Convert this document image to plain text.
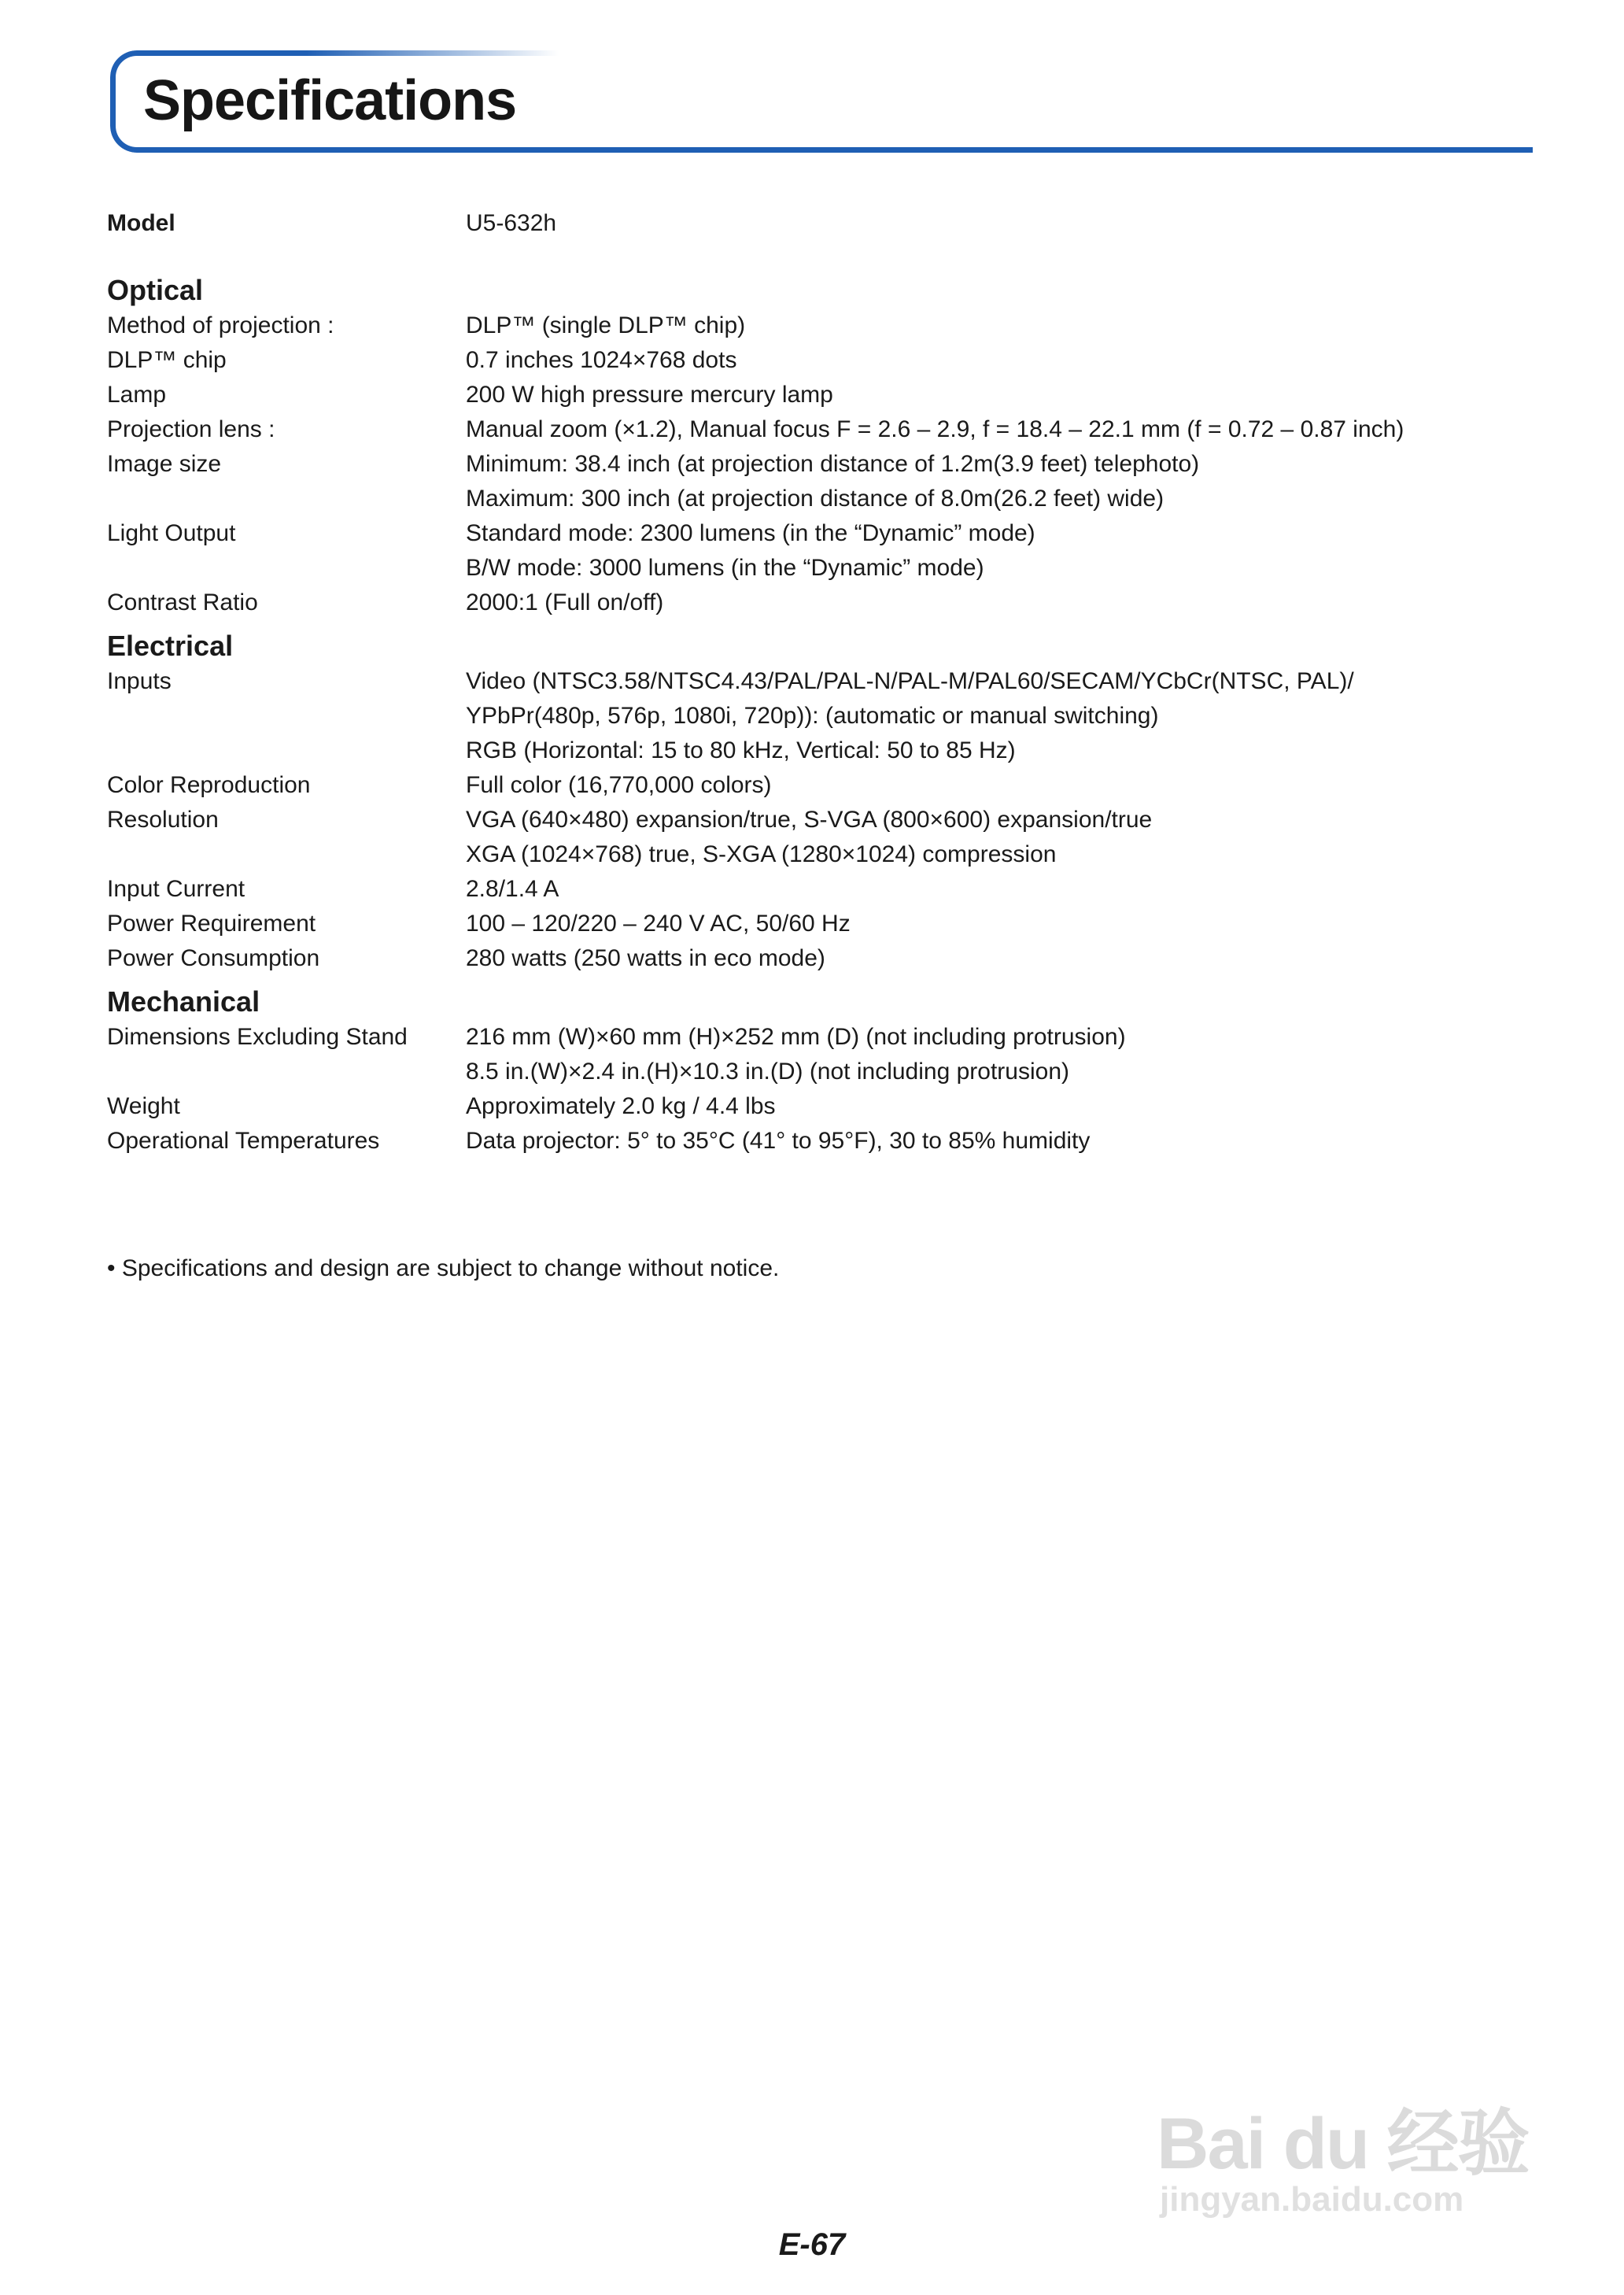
Specifications
Model	U5-632h
Optical
Method of projection :	DLP™ (single DLP™ chip)
DLP™ chip	0.7 inches 1024×768 dots
Lamp	200 W high pressure mercury lamp
Projection lens :	Manual zoom (×1.2), Manual focus F = 2.6 – 2.9, f = 18.4 – 22.1 mm (f = 0.72 – 0.87 inch)
Image size	Minimum: 38.4 inch (at projection distance of 1.2m(3.9 feet) telephoto)
Maximum: 300 inch (at projection distance of 8.0m(26.2 feet) wide)
Light Output	Standard mode: 2300 lumens (in the “Dynamic” mode)
B/W mode: 3000 lumens (in the “Dynamic” mode)
Contrast Ratio	2000:1 (Full on/off)
Electrical
Inputs	Video (NTSC3.58/NTSC4.43/PAL/PAL-N/PAL-M/PAL60/SECAM/YCbCr(NTSC, PAL)/
YPbPr(480p, 576p, 1080i, 720p)): (automatic or manual switching)
RGB (Horizontal: 15 to 80 kHz, Vertical: 50 to 85 Hz)
Color Reproduction	Full color (16,770,000 colors)
Resolution	VGA (640×480) expansion/true, S-VGA (800×600) expansion/true
XGA (1024×768) true, S-XGA (1280×1024) compression
Input Current	2.8/1.4 A
Power Requirement	100 – 120/220 – 240 V AC, 50/60 Hz
Power Consumption	280 watts (250 watts in eco mode)
Mechanical
Dimensions Excluding Stand 216 mm (W)×60 mm (H)×252 mm (D) (not including protrusion)
8.5 in.(W)×2.4 in.(H)×10.3 in.(D) (not including protrusion)
Weight	Approximately 2.0 kg / 4.4 lbs
Operational Temperatures	Data projector: 5° to 35°C (41° to 95°F), 30 to 85% humidity
• Specifications and design are subject to change without notice.
E-67
Bai du 经验
jingyan.baidu.com
